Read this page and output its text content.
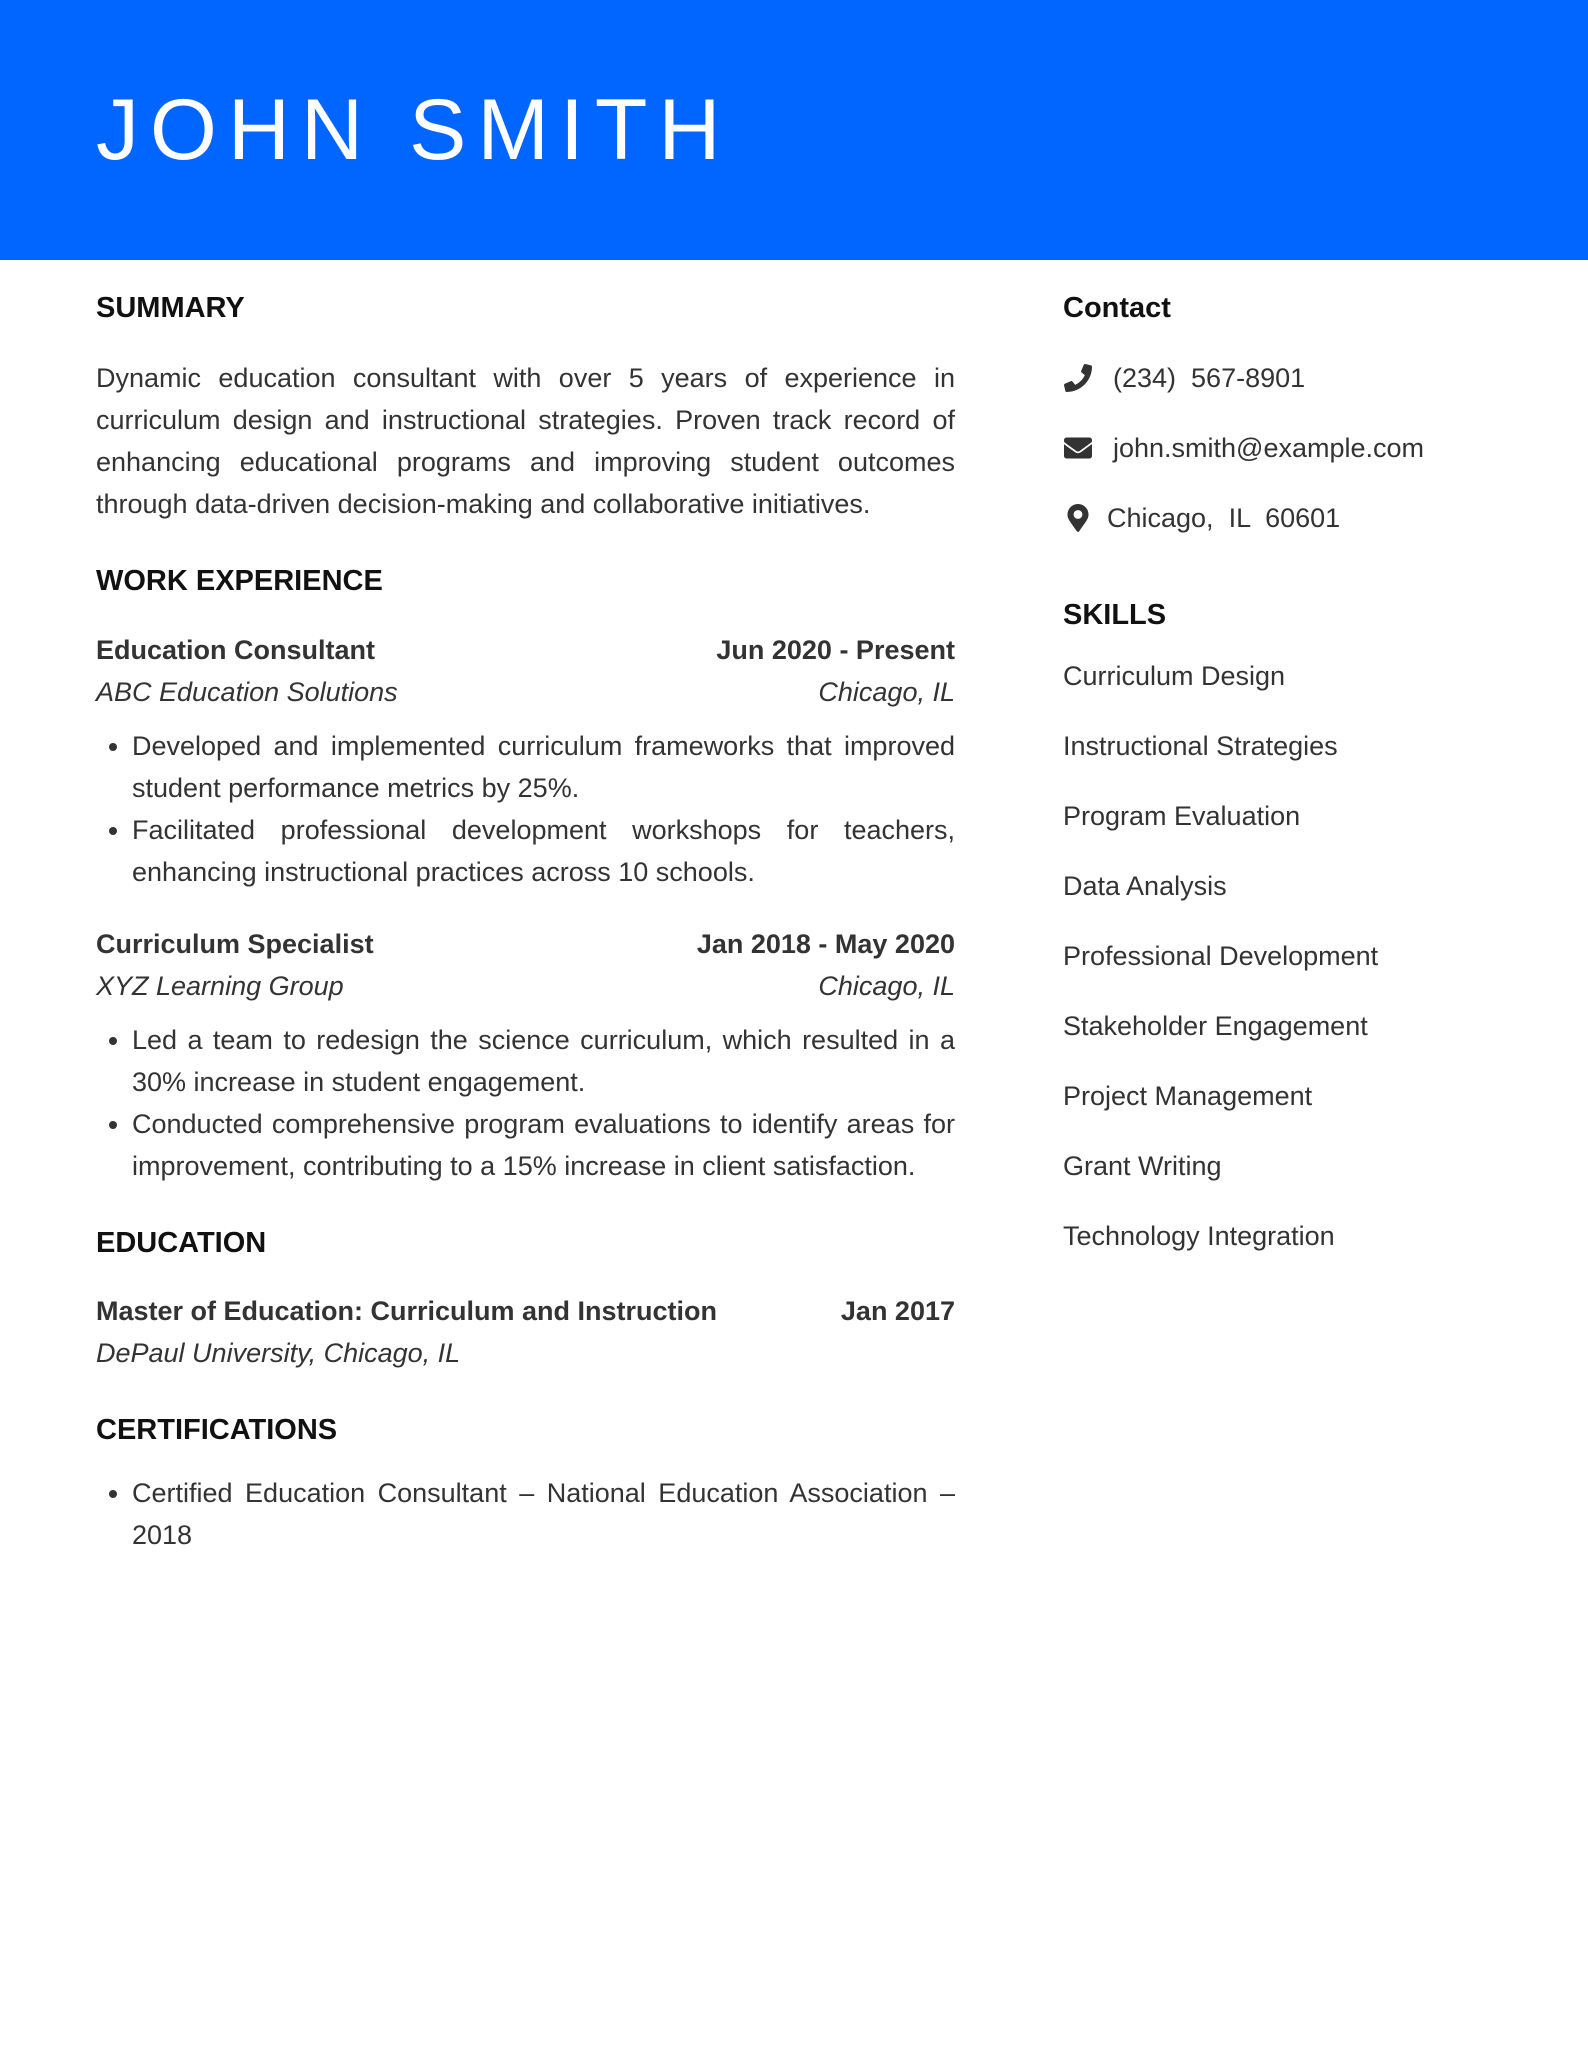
JOHN SMITH
SUMMARY

Dynamic education consultant with over 5 years of experience in curriculum design and instructional strategies. Proven track record of enhancing educational programs and improving student outcomes through data-driven decision-making and collaborative initiatives.

WORK EXPERIENCE
Education Consultant	Jun 2020 - Present
ABC Education Solutions	Chicago, IL
• Developed and implemented curriculum frameworks that improved student performance metrics by 25%.
• Facilitated professional development workshops for teachers, enhancing instructional practices across 10 schools.
Curriculum Specialist	Jan 2018 - May 2020
XYZ Learning Group	Chicago, IL
• Led a team to redesign the science curriculum, which resulted in a 30% increase in student engagement.
• Conducted comprehensive program evaluations to identify areas for improvement, contributing to a 15% increase in client satisfaction.
EDUCATION
Master of Education: Curriculum and Instruction	Jan 2017
DePaul University, Chicago, IL
CERTIFICATIONS
• Certified Education Consultant – National Education Association – 2018
Contact
(234)  567-8901
john.smith@example.com
Chicago,  IL  60601
SKILLS
Curriculum Design
Instructional Strategies
Program Evaluation
Data Analysis
Professional Development
Stakeholder Engagement
Project Management
Grant Writing
Technology Integration
